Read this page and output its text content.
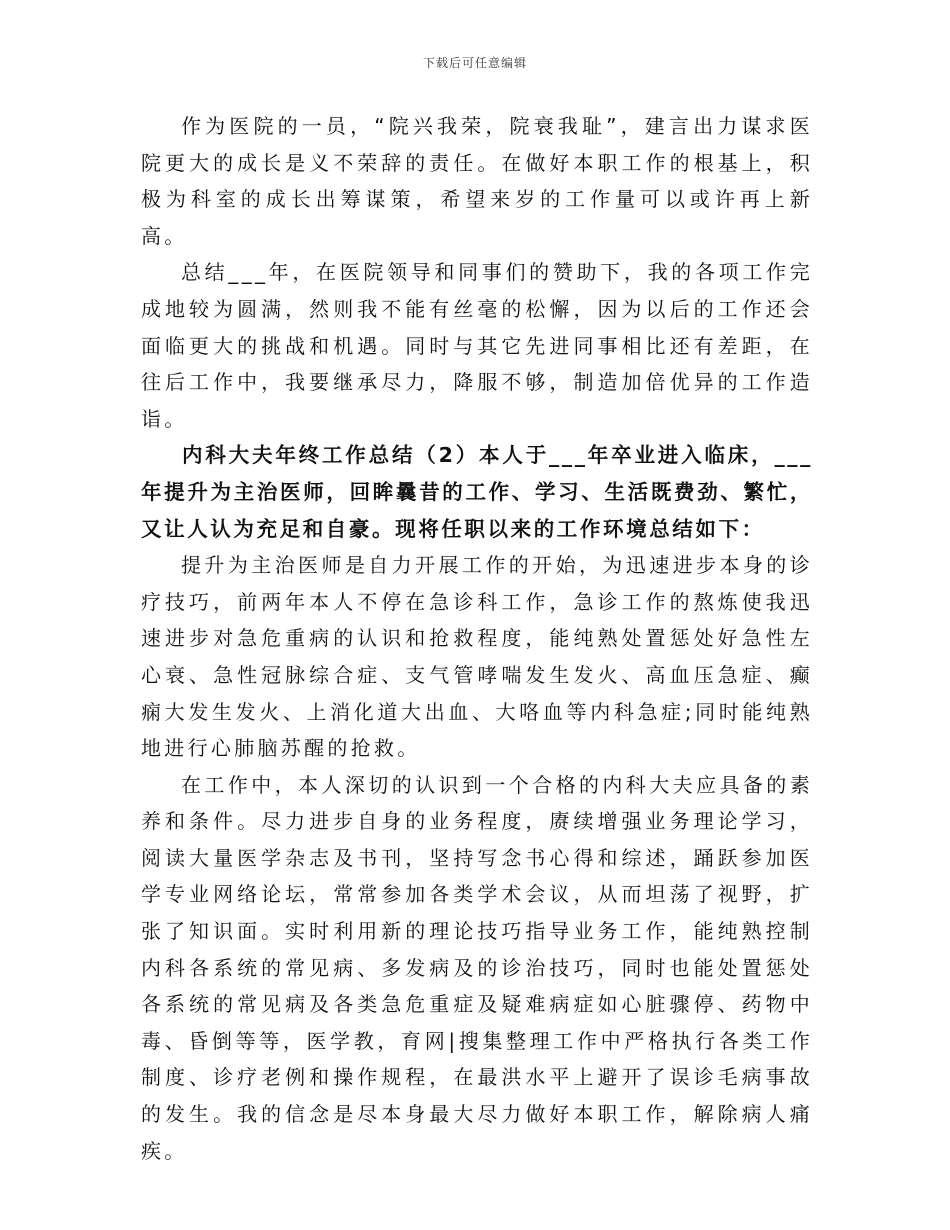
下载后可任意编辑

作为医院的一员，“院兴我荣，院衰我耻”，建言出力谋求医院更大的成长是义不荣辞的责任。在做好本职工作的根基上，积极为科室的成长出筹谋策，希望来岁的工作量可以或许再上新高。

总结___年，在医院领导和同事们的赞助下，我的各项工作完成地较为圆满，然则我不能有丝毫的松懈，因为以后的工作还会面临更大的挑战和机遇。同时与其它先进同事相比还有差距，在往后工作中，我要继承尽力，降服不够，制造加倍优异的工作造诣。

内科大夫年终工作总结（2）本人于___年卒业进入临床，___年提升为主治医师，回眸曩昔的工作、学习、生活既费劲、繁忙，又让人认为充足和自豪。现将任职以来的工作环境总结如下：

提升为主治医师是自力开展工作的开始，为迅速进步本身的诊疗技巧，前两年本人不停在急诊科工作，急诊工作的熬炼使我迅速进步对急危重病的认识和抢救程度，能纯熟处置惩处好急性左心衰、急性冠脉综合症、支气管哮喘发生发火、高血压急症、癫痫大发生发火、上消化道大出血、大咯血等内科急症;同时能纯熟地进行心肺脑苏醒的抢救。

在工作中，本人深切的认识到一个合格的内科大夫应具备的素养和条件。尽力进步自身的业务程度，赓续增强业务理论学习，阅读大量医学杂志及书刊，坚持写念书心得和综述，踊跃参加医学专业网络论坛，常常参加各类学术会议，从而坦荡了视野，扩张了知识面。实时利用新的理论技巧指导业务工作，能纯熟控制内科各系统的常见病、多发病及的诊治技巧，同时也能处置惩处各系统的常见病及各类急危重症及疑难病症如心脏骤停、药物中毒、昏倒等等，医学教，育网|搜集整理工作中严格执行各类工作制度、诊疗老例和操作规程，在最洪水平上避开了误诊毛病事故的发生。我的信念是尽本身最大尽力做好本职工作，解除病人痛疾。
